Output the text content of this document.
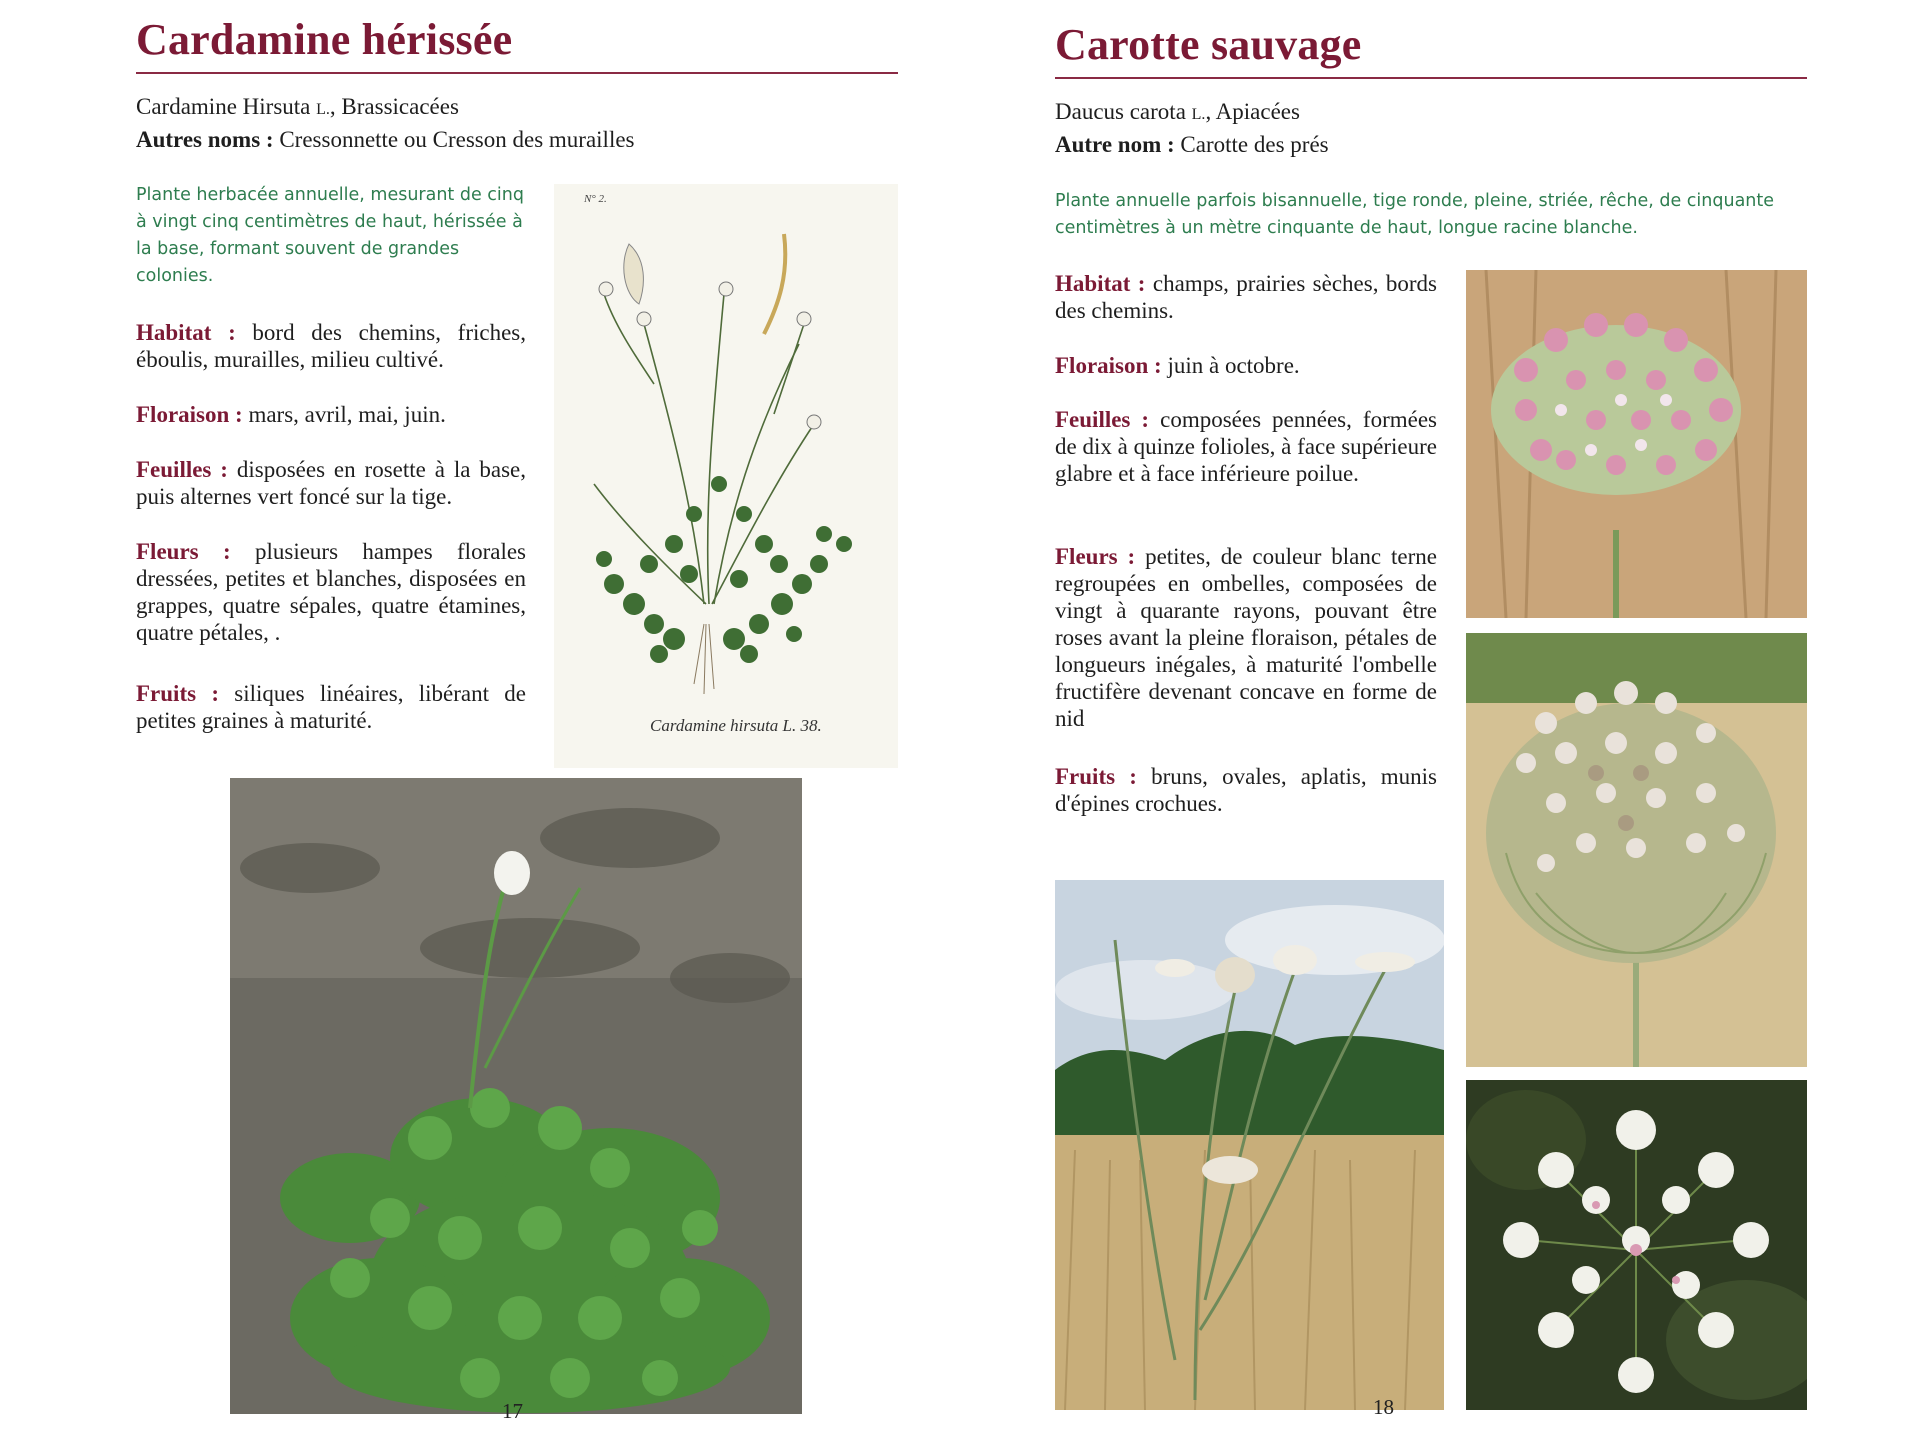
Cardamine hérissée
Cardamine Hirsuta L., Brassicacées
Autres noms : Cressonnette ou Cresson des murailles
Plante herbacée annuelle, mesurant de cinq à vingt cinq centimètres de haut, hérissée à la base, formant souvent de grandes colonies.
Habitat : bord des chemins, friches, éboulis, murailles, milieu cultivé.
Floraison : mars, avril, mai, juin.
Feuilles : disposées en rosette à la base, puis alternes vert foncé sur la tige.
Fleurs : plusieurs hampes florales dressées, petites et blanches, disposées en grappes, quatre sépales, quatre étamines, quatre pétales, .
Fruits : siliques linéaires, libérant de petites graines à maturité.
N° 2.
Cardamine hirsuta L. 38.
17
Carotte sauvage
Daucus carota L., Apiacées
Autre nom : Carotte des prés
Plante annuelle parfois bisannuelle, tige ronde, pleine, striée, rêche, de cinquante centimètres à un mètre cinquante de haut, longue racine blanche.
Habitat : champs, prairies sèches, bords des chemins.
Floraison : juin à octobre.
Feuilles : composées pennées, formées de dix à quinze folioles, à face supérieure glabre et à face inférieure poilue.
Fleurs : petites, de couleur blanc terne regroupées en ombelles, composées de vingt à quarante rayons, pouvant être roses avant la pleine floraison, pétales de longueurs inégales, à maturité l'ombelle fructifère devenant concave en forme de nid
Fruits : bruns, ovales, aplatis, munis d'épines crochues.
18
